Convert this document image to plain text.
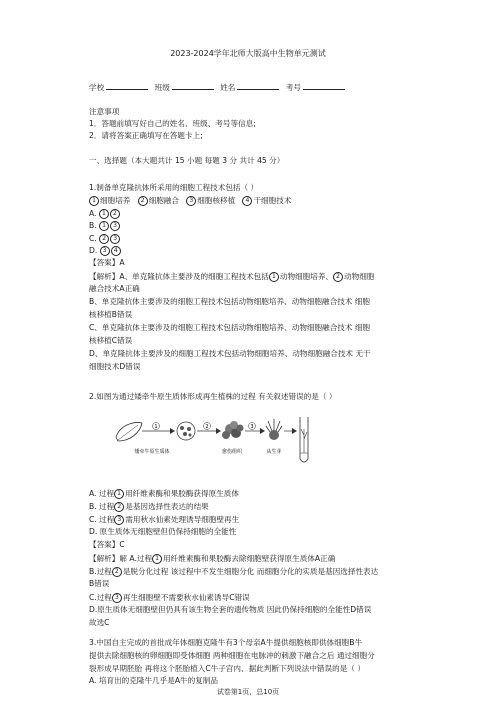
2023-2024学年北师大版高中生物单元测试
学校	班级	姓名	考号
注意事项
1．答题前填写好自己的姓名、班级、考号等信息;
2．请将答案正确填写在答题卡上;
一、选择题（本大题共计 15 小题 每题 3 分 共计 45 分）
1.制备单克隆抗体所采用的细胞工程技术包括（ ）
1 细胞培养 2 细胞融合 3 细胞核移植 4 干细胞技术
A. 1 2
B. 1 3
C. 2 3
D. 3 4
【答案】A
【解析】A、单克隆抗体主要涉及的细胞工程技术包括 1 动物细胞培养、 2 动物细胞
融合技术A正确
B、单克隆抗体主要涉及的细胞工程技术包括动物细胞培养、动物细胞融合技术 细胞
核移植B错误
C、单克隆抗体主要涉及的细胞工程技术包括动物细胞培养、动物细胞融合技术 细胞
核移植C错误
D、单克隆抗体主要涉及的细胞工程技术包括动物细胞培养、动物细胞融合技术 无干
细胞技术D错误
2.如图为通过矮牵牛原生质体形成再生植株的过程 有关叙述错误的是（ ）
1	2	3
矮牵牛原生质体	愈伤组织	从生芽
A. 过程 1 用纤维素酶和果胶酶获得原生质体
B. 过程 2 是基因选择性表达的结果
C. 过程 3 需用秋水仙素处理诱导细胞壁再生
D. 原生质体无细胞壁但仍保持细胞的全能性
【答案】C
【解析】解 A.过程 1 用纤维素酶和果胶酶去除细胞壁获得原生质体A正确
B.过程 2 是脱分化过程 该过程中不发生细胞分化 而细胞分化的实质是基因选择性表达
B错误
C.过程 3 再生细胞壁不需要秋水仙素诱导C错误
D.原生质体无细胞壁但仍具有该生物全套的遗传物质 因此仍保持细胞的全能性D错误
故选C
3.中国自主完成的首批成年体细胞克隆牛有3个母亲A牛提供细胞核即供体细胞B牛
提供去除细胞核的卵细胞即受体细胞 两种细胞在电脉冲的刺激下融合之后 通过细胞分
裂形成早期胚胎 再将这个胚胎植入C牛子宫内、据此判断下列说法中错误的是（ ）
A. 培育出的克隆牛几乎是A牛的复制品
试卷第1页，总10页
